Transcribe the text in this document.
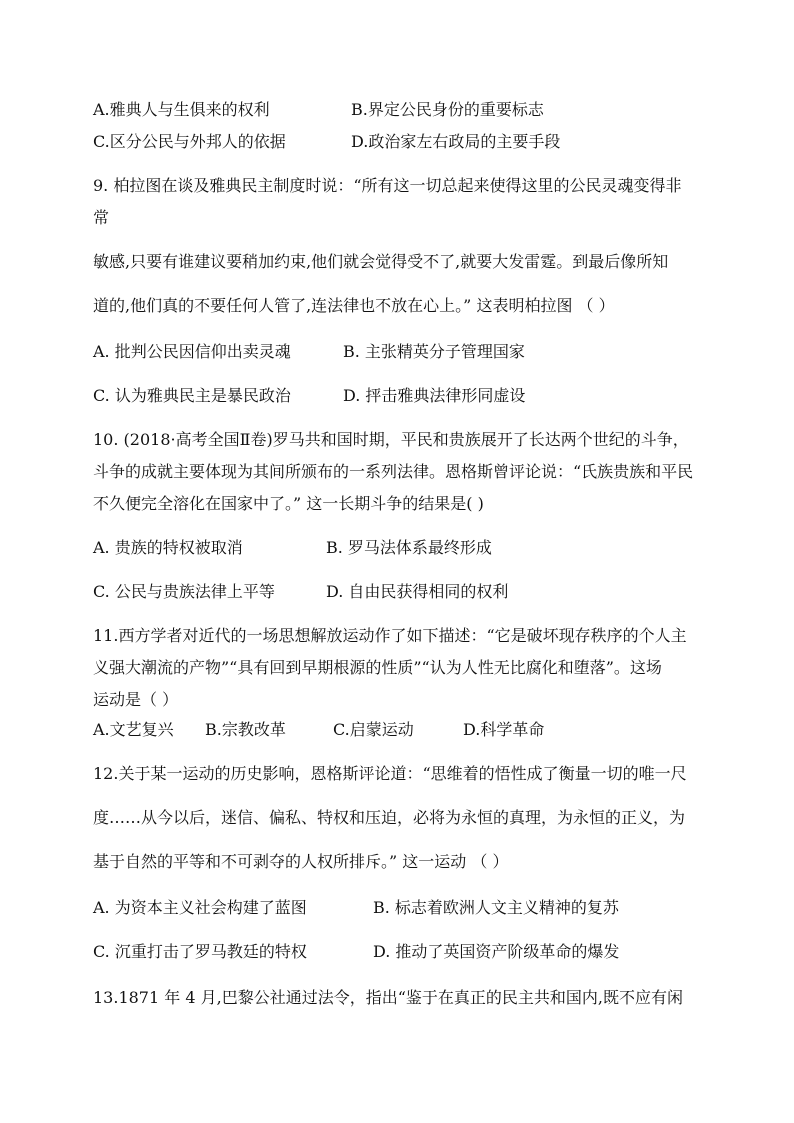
A.雅典人与生俱来的权利	B.界定公民身份的重要标志
C.区分公民与外邦人的依据	D.政治家左右政局的主要手段
9. 柏拉图在谈及雅典民主制度时说：“所有这一切总起来使得这里的公民灵魂变得非
常
敏感,只要有谁建议要稍加约束,他们就会觉得受不了,就要大发雷霆。到最后像所知
道的,他们真的不要任何人管了,连法律也不放在心上。” 这表明柏拉图 （ ）
A. 批判公民因信仰出卖灵魂	B. 主张精英分子管理国家
C. 认为雅典民主是暴民政治	D. 抨击雅典法律形同虚设
10. (2018·高考全国Ⅱ卷)罗马共和国时期，平民和贵族展开了长达两个世纪的斗争，
斗争的成就主要体现为其间所颁布的一系列法律。恩格斯曾评论说：“氏族贵族和平民
不久便完全溶化在国家中了。” 这一长期斗争的结果是( )
A. 贵族的特权被取消	B. 罗马法体系最终形成
C. 公民与贵族法律上平等	D. 自由民获得相同的权利
11.西方学者对近代的一场思想解放运动作了如下描述：“它是破坏现存秩序的个人主
义强大潮流的产物”“具有回到早期根源的性质”“认为人性无比腐化和堕落”。这场
运动是（ ）
A.文艺复兴 B.宗教改革	C.启蒙运动	D.科学革命
12.关于某一运动的历史影响，恩格斯评论道：“思维着的悟性成了衡量一切的唯一尺
度……从今以后，迷信、偏私、特权和压迫，必将为永恒的真理，为永恒的正义，为
基于自然的平等和不可剥夺的人权所排斥。” 这一运动 （ ）
A. 为资本主义社会构建了蓝图	B. 标志着欧洲人文主义精神的复苏
C. 沉重打击了罗马教廷的特权	D. 推动了英国资产阶级革命的爆发
13.1871 年 4 月,巴黎公社通过法令，指出“鉴于在真正的民主共和国内,既不应有闲
